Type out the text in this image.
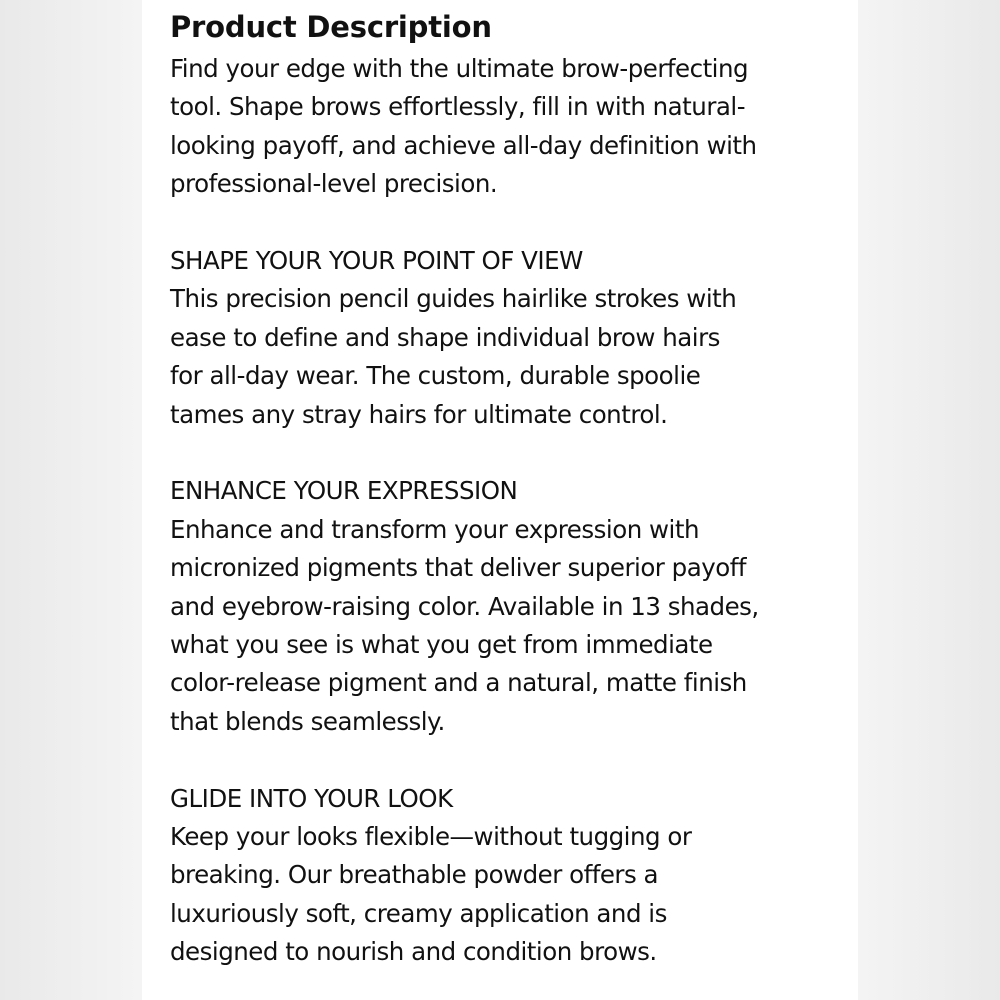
Product Description

Find your edge with the ultimate brow-perfecting
tool. Shape brows effortlessly, fill in with natural-
looking payoff, and achieve all-day definition with
professional-level precision.

SHAPE YOUR YOUR POINT OF VIEW

This precision pencil guides hairlike strokes with
ease to define and shape individual brow hairs
for all-day wear. The custom, durable spoolie
tames any stray hairs for ultimate control.

ENHANCE YOUR EXPRESSION

Enhance and transform your expression with
micronized pigments that deliver superior payoff
and eyebrow-raising color. Available in 13 shades,
what you see is what you get from immediate
color-release pigment and a natural, matte finish
that blends seamlessly.

GLIDE INTO YOUR LOOK

Keep your looks flexible—without tugging or
breaking. Our breathable powder offers a
luxuriously soft, creamy application and is
designed to nourish and condition brows.
